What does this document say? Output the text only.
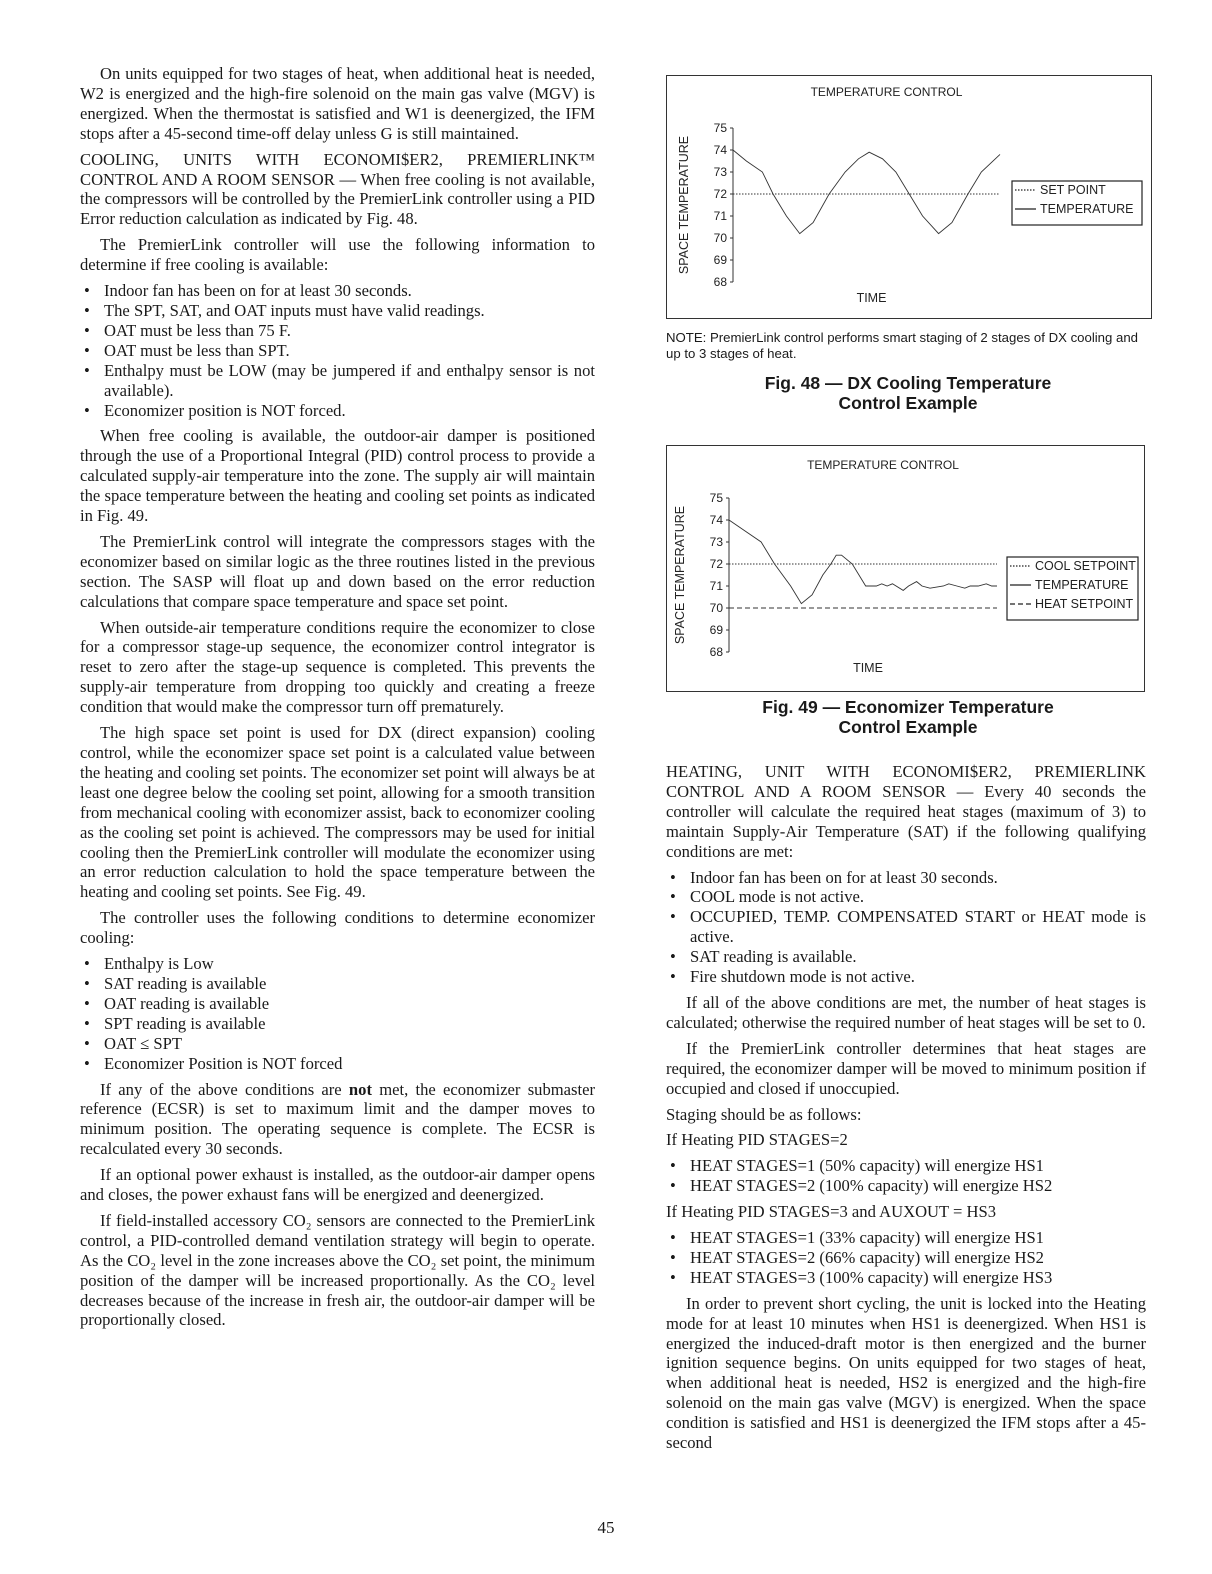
On units equipped for two stages of heat, when additional heat is needed, W2 is energized and the high-fire solenoid on the main gas valve (MGV) is energized. When the thermostat is satisfied and W1 is deenergized, the IFM stops after a 45-second time-off delay unless G is still maintained.

COOLING, UNITS WITH ECONOMI$ER2, PREMIERLINK™ CONTROL AND A ROOM SENSOR — When free cooling is not available, the compressors will be controlled by the PremierLink controller using a PID Error reduction calculation as indicated by Fig. 48.

The PremierLink controller will use the following information to determine if free cooling is available:

• Indoor fan has been on for at least 30 seconds.
• The SPT, SAT, and OAT inputs must have valid readings.
• OAT must be less than 75 F.
• OAT must be less than SPT.
• Enthalpy must be LOW (may be jumpered if and enthalpy sensor is not available).
• Economizer position is NOT forced.

When free cooling is available, the outdoor-air damper is positioned through the use of a Proportional Integral (PID) control process to provide a calculated supply-air temperature into the zone. The supply air will maintain the space temperature between the heating and cooling set points as indicated in Fig. 49.

The PremierLink control will integrate the compressors stages with the economizer based on similar logic as the three routines listed in the previous section. The SASP will float up and down based on the error reduction calculations that compare space temperature and space set point.

When outside-air temperature conditions require the economizer to close for a compressor stage-up sequence, the economizer control integrator is reset to zero after the stage-up sequence is completed. This prevents the supply-air temperature from dropping too quickly and creating a freeze condition that would make the compressor turn off prematurely.

The high space set point is used for DX (direct expansion) cooling control, while the economizer space set point is a calculated value between the heating and cooling set points. The economizer set point will always be at least one degree below the cooling set point, allowing for a smooth transition from mechanical cooling with economizer assist, back to economizer cooling as the cooling set point is achieved. The compressors may be used for initial cooling then the PremierLink controller will modulate the economizer using an error reduction calculation to hold the space temperature between the heating and cooling set points. See Fig. 49.

The controller uses the following conditions to determine economizer cooling:

• Enthalpy is Low
• SAT reading is available
• OAT reading is available
• SPT reading is available
• OAT ≤ SPT
• Economizer Position is NOT forced

If any of the above conditions are not met, the economizer submaster reference (ECSR) is set to maximum limit and the damper moves to minimum position. The operating sequence is complete. The ECSR is recalculated every 30 seconds.

If an optional power exhaust is installed, as the outdoor-air damper opens and closes, the power exhaust fans will be energized and deenergized.

If field-installed accessory CO₂ sensors are connected to the PremierLink control, a PID-controlled demand ventilation strategy will begin to operate. As the CO₂ level in the zone increases above the CO₂ set point, the minimum position of the damper will be increased proportionally. As the CO₂ level decreases because of the increase in fresh air, the outdoor-air damper will be proportionally closed.

TEMPERATURE CONTROL
TIME
SPACE TEMPERATURE
75
74
73
72
71
70
69
68
SET POINT
TEMPERATURE
NOTE: PremierLink control performs smart staging of 2 stages of DX cooling and up to 3 stages of heat.
Fig. 48 — DX Cooling Temperature
Control Example
TEMPERATURE CONTROL
TIME
SPACE TEMPERATURE
75
74
73
72
71
70
69
68
COOL SETPOINT
TEMPERATURE
HEAT SETPOINT
Fig. 49 — Economizer Temperature
Control Example

HEATING, UNIT WITH ECONOMI$ER2, PREMIERLINK CONTROL AND A ROOM SENSOR — Every 40 seconds the controller will calculate the required heat stages (maximum of 3) to maintain Supply-Air Temperature (SAT) if the following qualifying conditions are met:

• Indoor fan has been on for at least 30 seconds.
• COOL mode is not active.
• OCCUPIED, TEMP. COMPENSATED START or HEAT mode is active.
• SAT reading is available.
• Fire shutdown mode is not active.

If all of the above conditions are met, the number of heat stages is calculated; otherwise the required number of heat stages will be set to 0.

If the PremierLink controller determines that heat stages are required, the economizer damper will be moved to minimum position if occupied and closed if unoccupied.

Staging should be as follows:

If Heating PID STAGES=2

• HEAT STAGES=1 (50% capacity) will energize HS1
• HEAT STAGES=2 (100% capacity) will energize HS2

If Heating PID STAGES=3 and AUXOUT = HS3

• HEAT STAGES=1 (33% capacity) will energize HS1
• HEAT STAGES=2 (66% capacity) will energize HS2
• HEAT STAGES=3 (100% capacity) will energize HS3

In order to prevent short cycling, the unit is locked into the Heating mode for at least 10 minutes when HS1 is deenergized. When HS1 is energized the induced-draft motor is then energized and the burner ignition sequence begins. On units equipped for two stages of heat, when additional heat is needed, HS2 is energized and the high-fire solenoid on the main gas valve (MGV) is energized. When the space condition is satisfied and HS1 is deenergized the IFM stops after a 45-second

45
